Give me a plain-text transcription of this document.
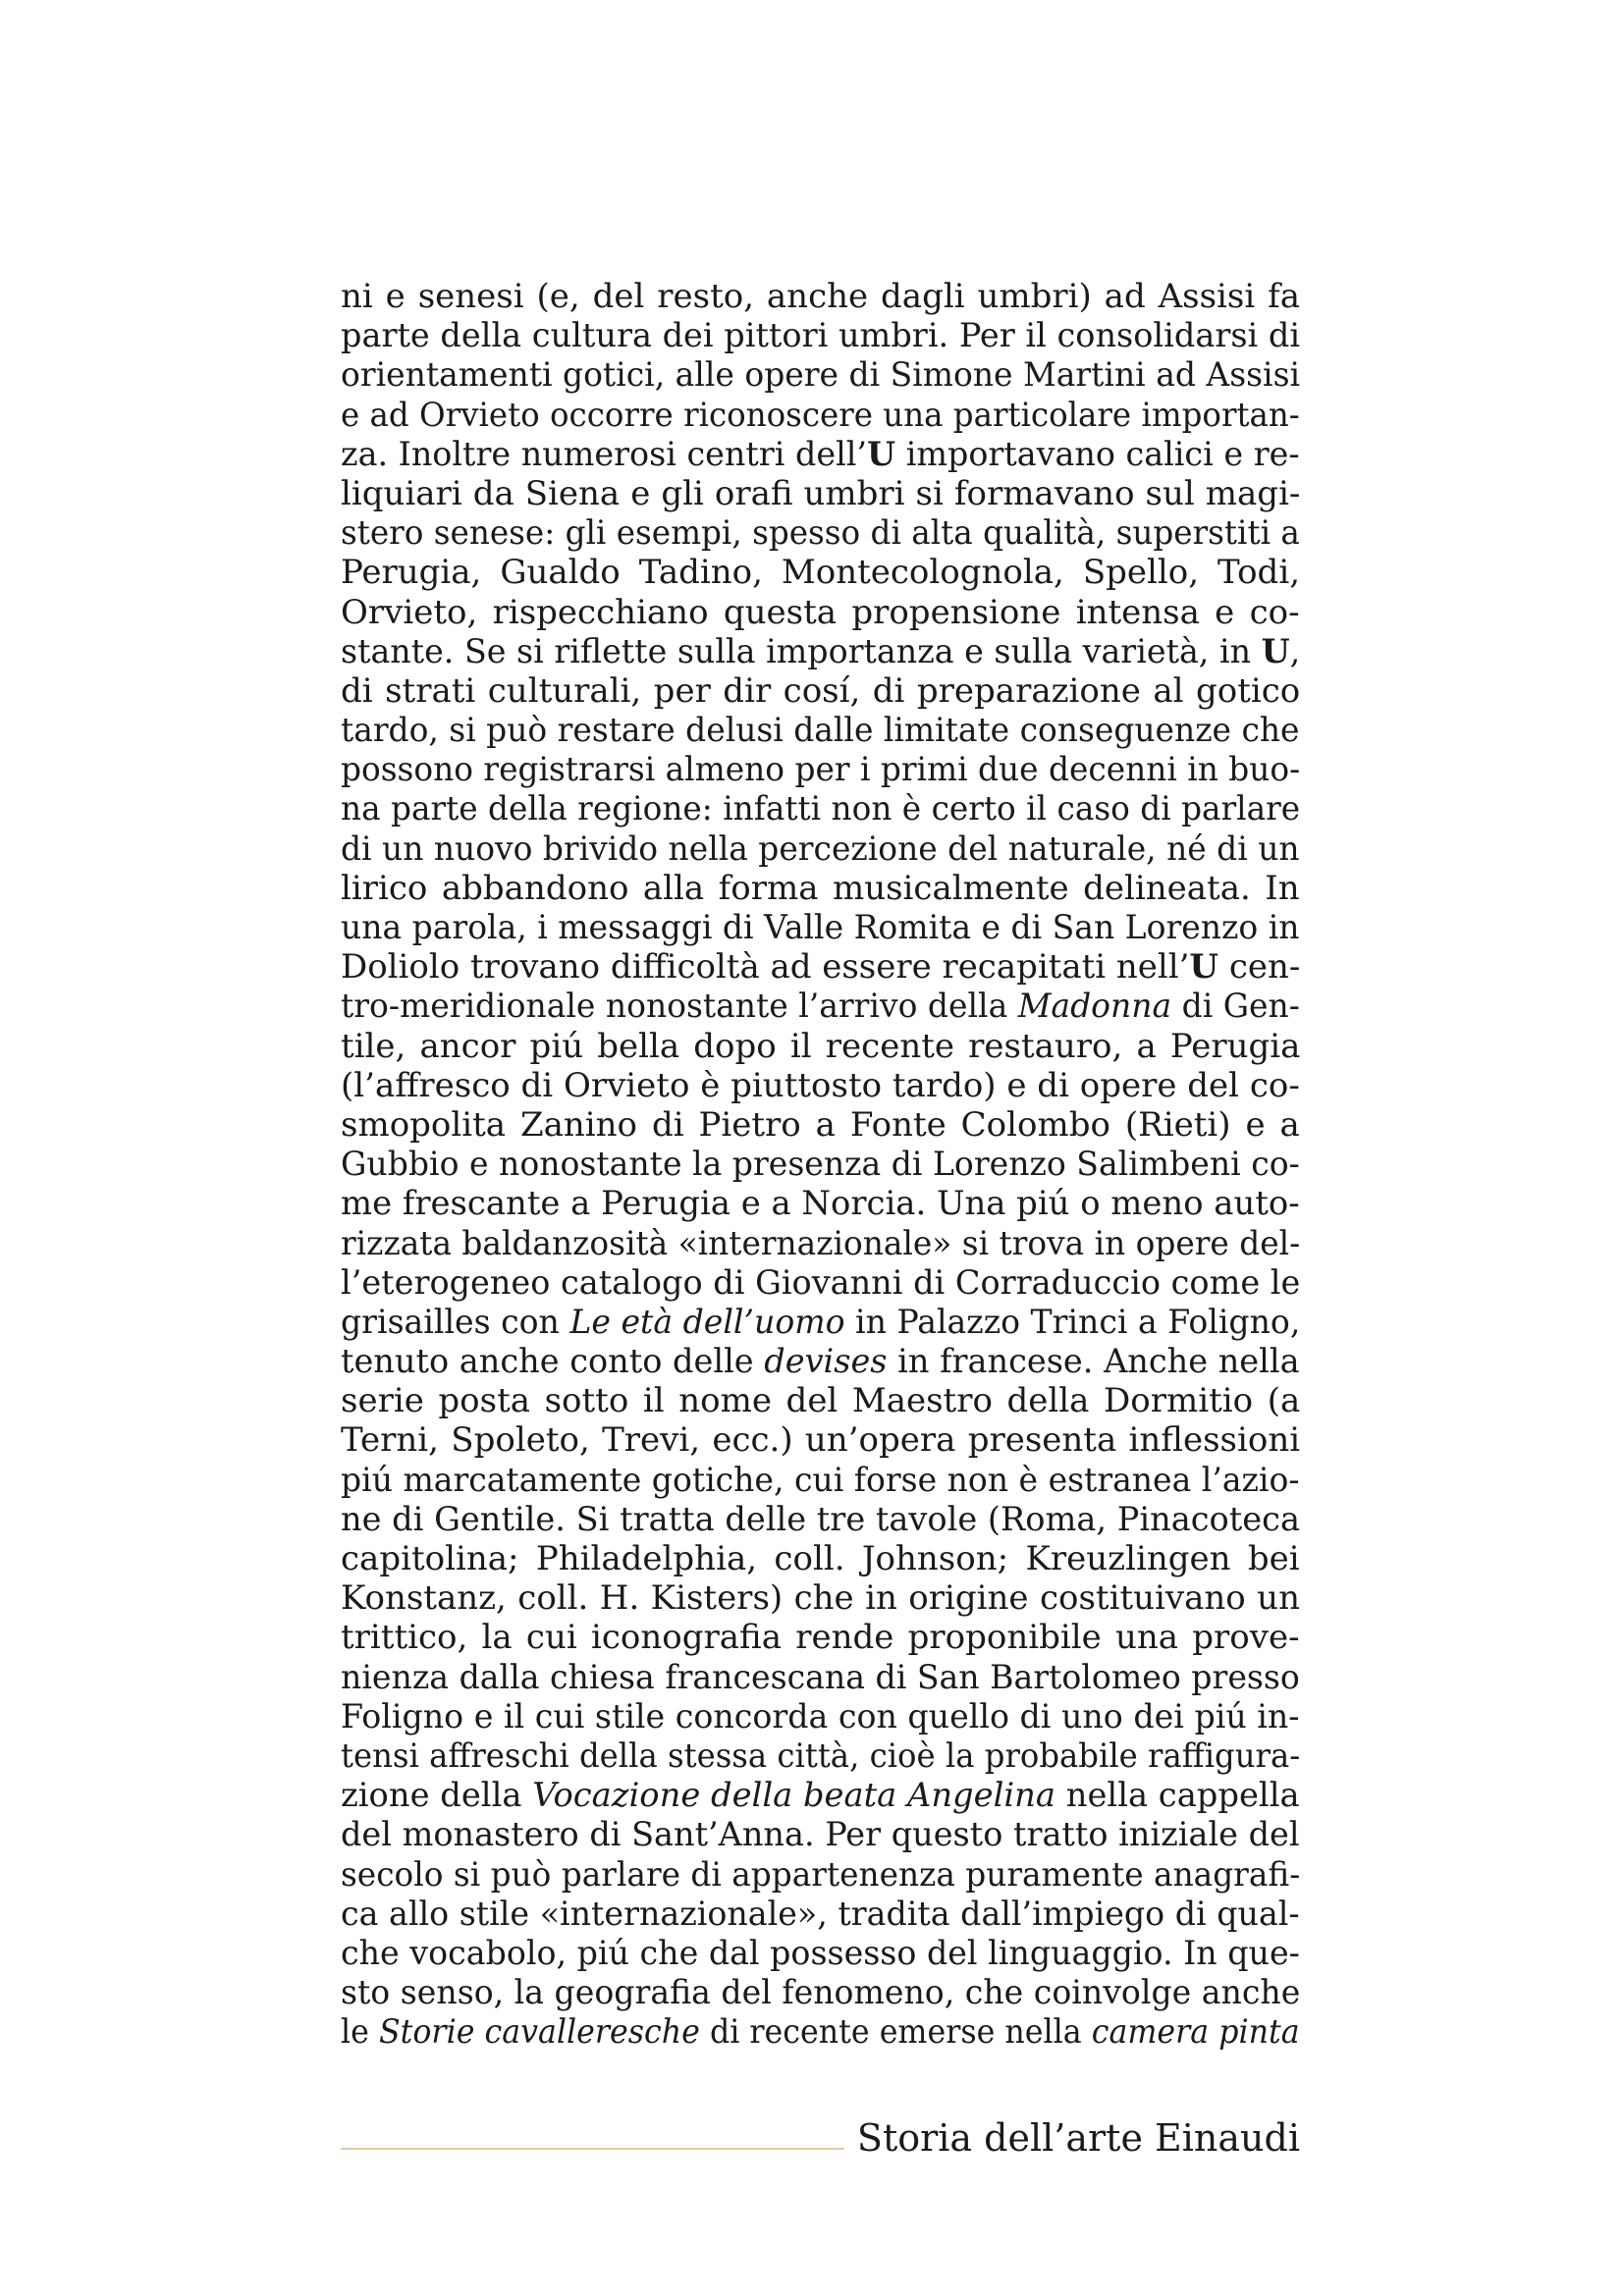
ni e senesi (e, del resto, anche dagli umbri) ad Assisi fa
parte della cultura dei pittori umbri. Per il consolidarsi di
orientamenti gotici, alle opere di Simone Martini ad Assisi
e ad Orvieto occorre riconoscere una particolare importan-
za. Inoltre numerosi centri dell’U importavano calici e re-
liquiari da Siena e gli orafi umbri si formavano sul magi-
stero senese: gli esempi, spesso di alta qualità, superstiti a
Perugia, Gualdo Tadino, Montecolognola, Spello, Todi,
Orvieto, rispecchiano questa propensione intensa e co-
stante. Se si riflette sulla importanza e sulla varietà, in U,
di strati culturali, per dir cosí, di preparazione al gotico
tardo, si può restare delusi dalle limitate conseguenze che
possono registrarsi almeno per i primi due decenni in buo-
na parte della regione: infatti non è certo il caso di parlare
di un nuovo brivido nella percezione del naturale, né di un
lirico abbandono alla forma musicalmente delineata. In
una parola, i messaggi di Valle Romita e di San Lorenzo in
Doliolo trovano difficoltà ad essere recapitati nell’U cen-
tro-meridionale nonostante l’arrivo della Madonna di Gen-
tile, ancor piú bella dopo il recente restauro, a Perugia
(l’affresco di Orvieto è piuttosto tardo) e di opere del co-
smopolita Zanino di Pietro a Fonte Colombo (Rieti) e a
Gubbio e nonostante la presenza di Lorenzo Salimbeni co-
me frescante a Perugia e a Norcia. Una piú o meno auto-
rizzata baldanzosità «internazionale» si trova in opere del-
l’eterogeneo catalogo di Giovanni di Corraduccio come le
grisailles con Le età dell’uomo in Palazzo Trinci a Foligno,
tenuto anche conto delle devises in francese. Anche nella
serie posta sotto il nome del Maestro della Dormitio (a
Terni, Spoleto, Trevi, ecc.) un’opera presenta inflessioni
piú marcatamente gotiche, cui forse non è estranea l’azio-
ne di Gentile. Si tratta delle tre tavole (Roma, Pinacoteca
capitolina; Philadelphia, coll. Johnson; Kreuzlingen bei
Konstanz, coll. H. Kisters) che in origine costituivano un
trittico, la cui iconografia rende proponibile una prove-
nienza dalla chiesa francescana di San Bartolomeo presso
Foligno e il cui stile concorda con quello di uno dei piú in-
tensi affreschi della stessa città, cioè la probabile raffigura-
zione della Vocazione della beata Angelina nella cappella
del monastero di Sant’Anna. Per questo tratto iniziale del
secolo si può parlare di appartenenza puramente anagrafi-
ca allo stile «internazionale», tradita dall’impiego di qual-
che vocabolo, piú che dal possesso del linguaggio. In que-
sto senso, la geografia del fenomeno, che coinvolge anche
le Storie cavalleresche di recente emerse nella camera pinta
Storia dell’arte Einaudi
